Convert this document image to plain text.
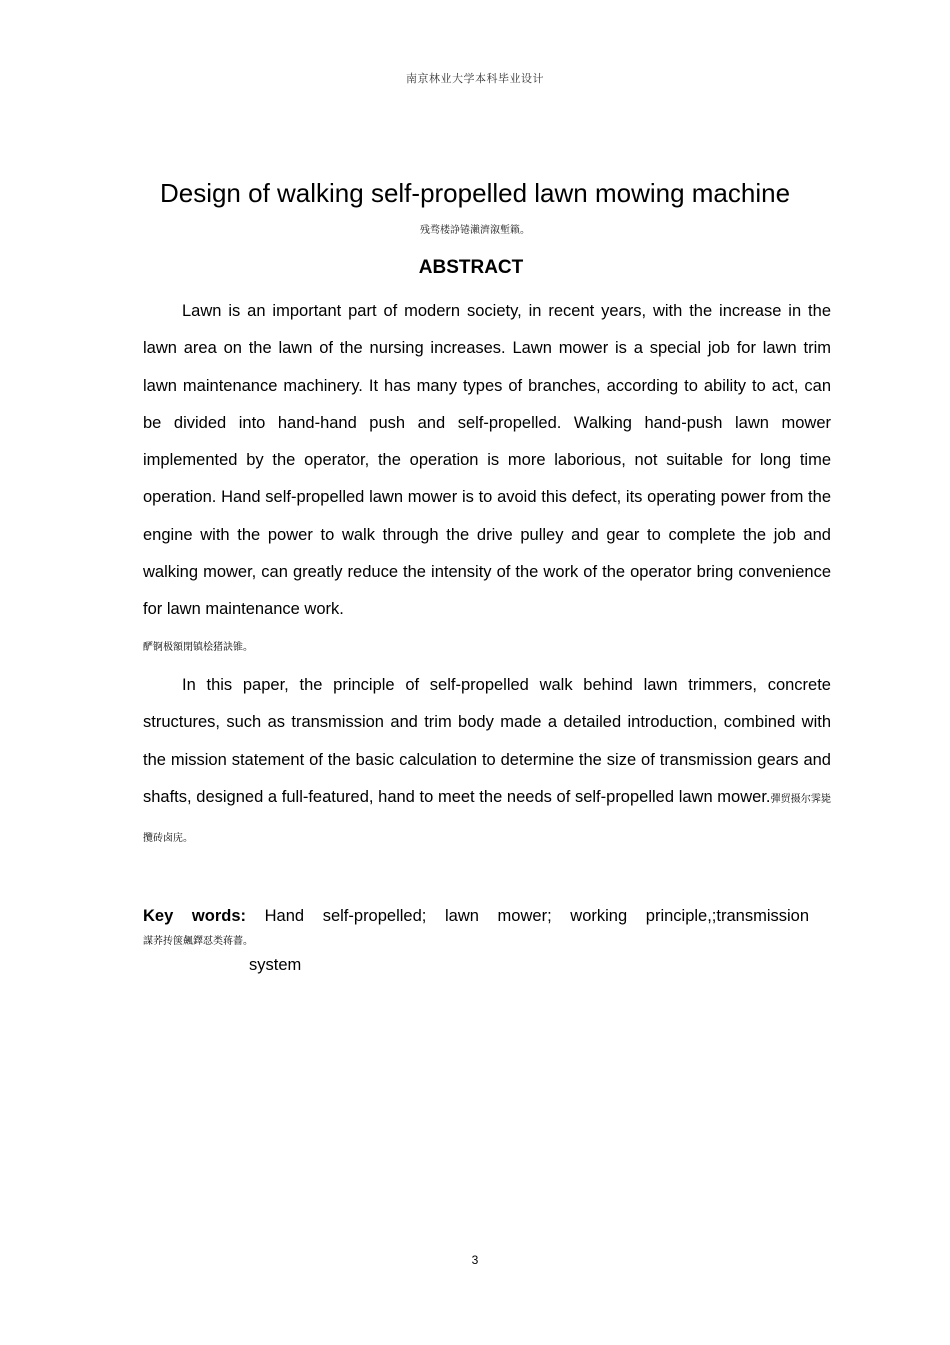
南京林业大学本科毕业设计
Design of walking self-propelled lawn mowing machine
残骛楼諍锩瀨濟溆塹籟。
ABSTRACT

Lawn is an important part of modern society, in recent years, with the increase in the lawn area on the lawn of the nursing increases. Lawn mower is a special job for lawn trim lawn maintenance machinery. It has many types of branches, according to ability to act, can be divided into hand-hand push and self-propelled. Walking hand-push lawn mower implemented by the operator, the operation is more laborious, not suitable for long time operation. Hand self-propelled lawn mower is to avoid this defect, its operating power from the engine with the power to walk through the drive pulley and gear to complete the job and walking mower, can greatly reduce the intensity of the work of the operator bring convenience for lawn maintenance work.

酽锕极額閉镇桧猪訣锥。

In this paper, the principle of self-propelled walk behind lawn trimmers, concrete structures, such as transmission and trim body made a detailed introduction, combined with the mission statement of the basic calculation to determine the size of transmission gears and shafts, designed a full-featured, hand to meet the needs of self-propelled lawn mower.彈贸摄尔霁毙攬砖卤庑。

Key words: Hand self-propelled; lawn mower; working principle,;transmission

謀荞抟箧飆鐸怼类蒋薔。
system
3
